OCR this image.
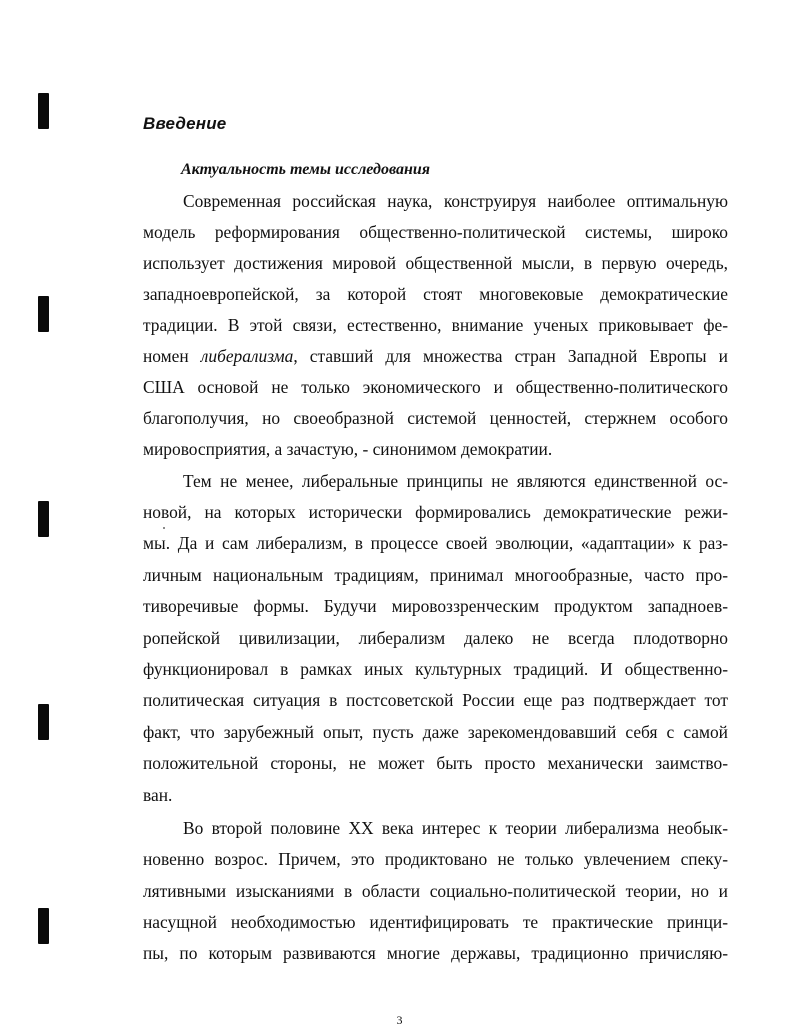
Введение
Актуальность темы исследования
Современная российская наука, конструируя наиболее оптимальную
модель реформирования общественно-политической системы, широко
использует достижения мировой общественной мысли, в первую очередь,
западноевропейской, за которой стоят многовековые демократические
традиции. В этой связи, естественно, внимание ученых приковывает фе-
номен либерализма, ставший для множества стран Западной Европы и
США основой не только экономического и общественно-политического
благополучия, но своеобразной системой ценностей, стержнем особого
мировосприятия, а зачастую, - синонимом демократии.
Тем не менее, либеральные принципы не являются единственной ос-
новой, на которых исторически формировались демократические режи-
мы. Да и сам либерализм, в процессе своей эволюции, «адаптации» к раз-
личным национальным традициям, принимал многообразные, часто про-
тиворечивые формы. Будучи мировоззренческим продуктом западноев-
ропейской цивилизации, либерализм далеко не всегда плодотворно
функционировал в рамках иных культурных традиций. И общественно-
политическая ситуация в постсоветской России еще раз подтверждает тот
факт, что зарубежный опыт, пусть даже зарекомендовавший себя с самой
положительной стороны, не может быть просто механически заимство-
ван.
Во второй половине XX века интерес к теории либерализма необык-
новенно возрос. Причем, это продиктовано не только увлечением спеку-
лятивными изысканиями в области социально-политической теории, но и
насущной необходимостью идентифицировать те практические принци-
пы, по которым развиваются многие державы, традиционно причисляю-

3
